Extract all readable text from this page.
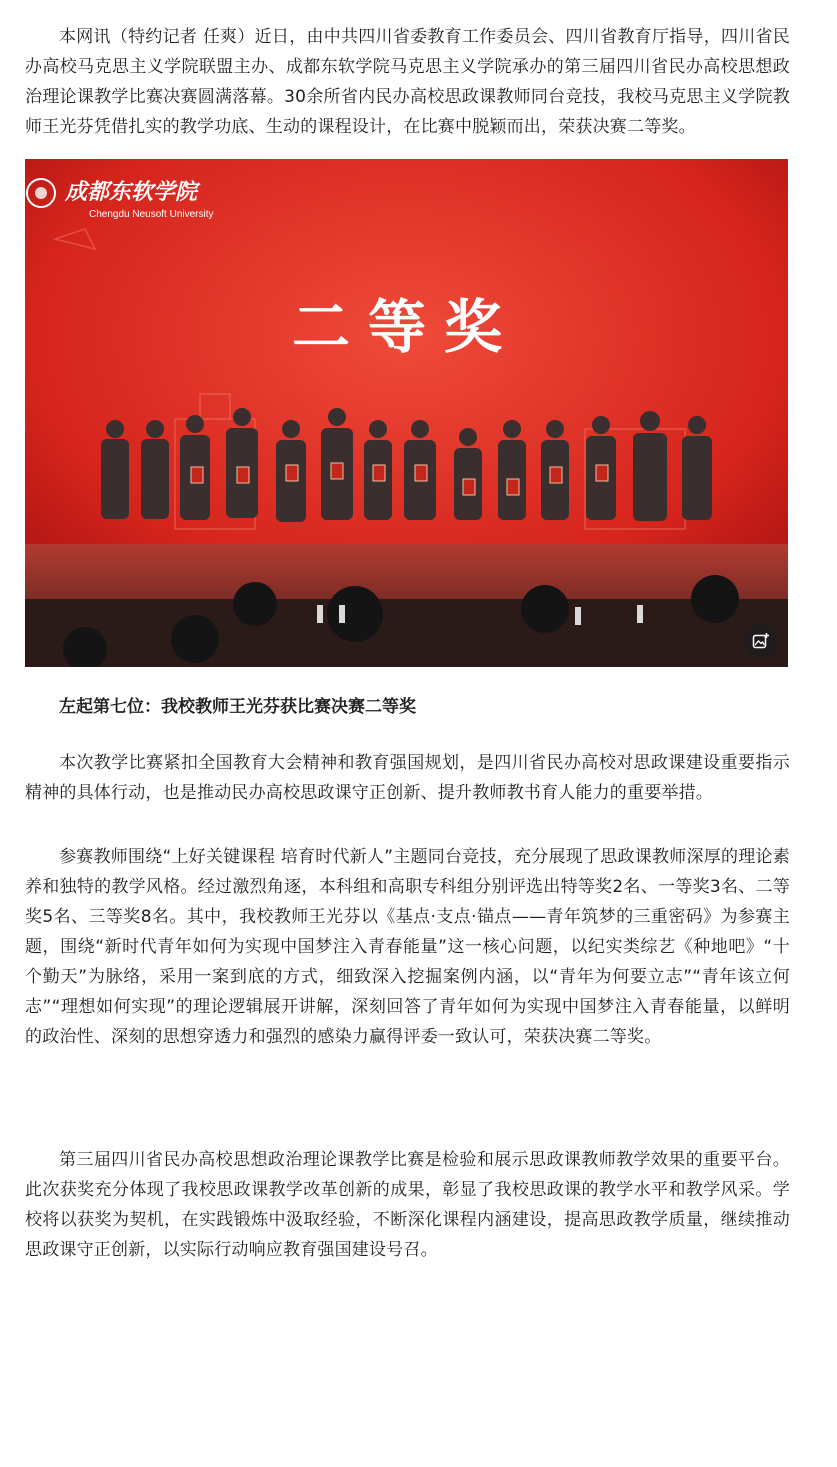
本网讯（特约记者 任爽）近日，由中共四川省委教育工作委员会、四川省教育厅指导，四川省民办高校马克思主义学院联盟主办、成都东软学院马克思主义学院承办的第三届四川省民办高校思想政治理论课教学比赛决赛圆满落幕。30余所省内民办高校思政课教师同台竞技，我校马克思主义学院教师王光芬凭借扎实的教学功底、生动的课程设计，在比赛中脱颖而出，荣获决赛二等奖。

成都东软学院
Chengdu Neusoft University
二等奖

左起第七位：我校教师王光芬获比赛决赛二等奖

本次教学比赛紧扣全国教育大会精神和教育强国规划，是四川省民办高校对思政课建设重要指示精神的具体行动，也是推动民办高校思政课守正创新、提升教师教书育人能力的重要举措。

参赛教师围绕“上好关键课程 培育时代新人”主题同台竞技，充分展现了思政课教师深厚的理论素养和独特的教学风格。经过激烈角逐，本科组和高职专科组分别评选出特等奖2名、一等奖3名、二等奖5名、三等奖8名。其中，我校教师王光芬以《基点·支点·锚点——青年筑梦的三重密码》为参赛主题，围绕“新时代青年如何为实现中国梦注入青春能量”这一核心问题，以纪实类综艺《种地吧》“十个勤天”为脉络，采用一案到底的方式，细致深入挖掘案例内涵，以“青年为何要立志”“青年该立何志”“理想如何实现”的理论逻辑展开讲解，深刻回答了青年如何为实现中国梦注入青春能量，以鲜明的政治性、深刻的思想穿透力和强烈的感染力赢得评委一致认可，荣获决赛二等奖。

第三届四川省民办高校思想政治理论课教学比赛是检验和展示思政课教师教学效果的重要平台。此次获奖充分体现了我校思政课教学改革创新的成果，彰显了我校思政课的教学水平和教学风采。学校将以获奖为契机，在实践锻炼中汲取经验，不断深化课程内涵建设，提高思政教学质量，继续推动思政课守正创新，以实际行动响应教育强国建设号召。
